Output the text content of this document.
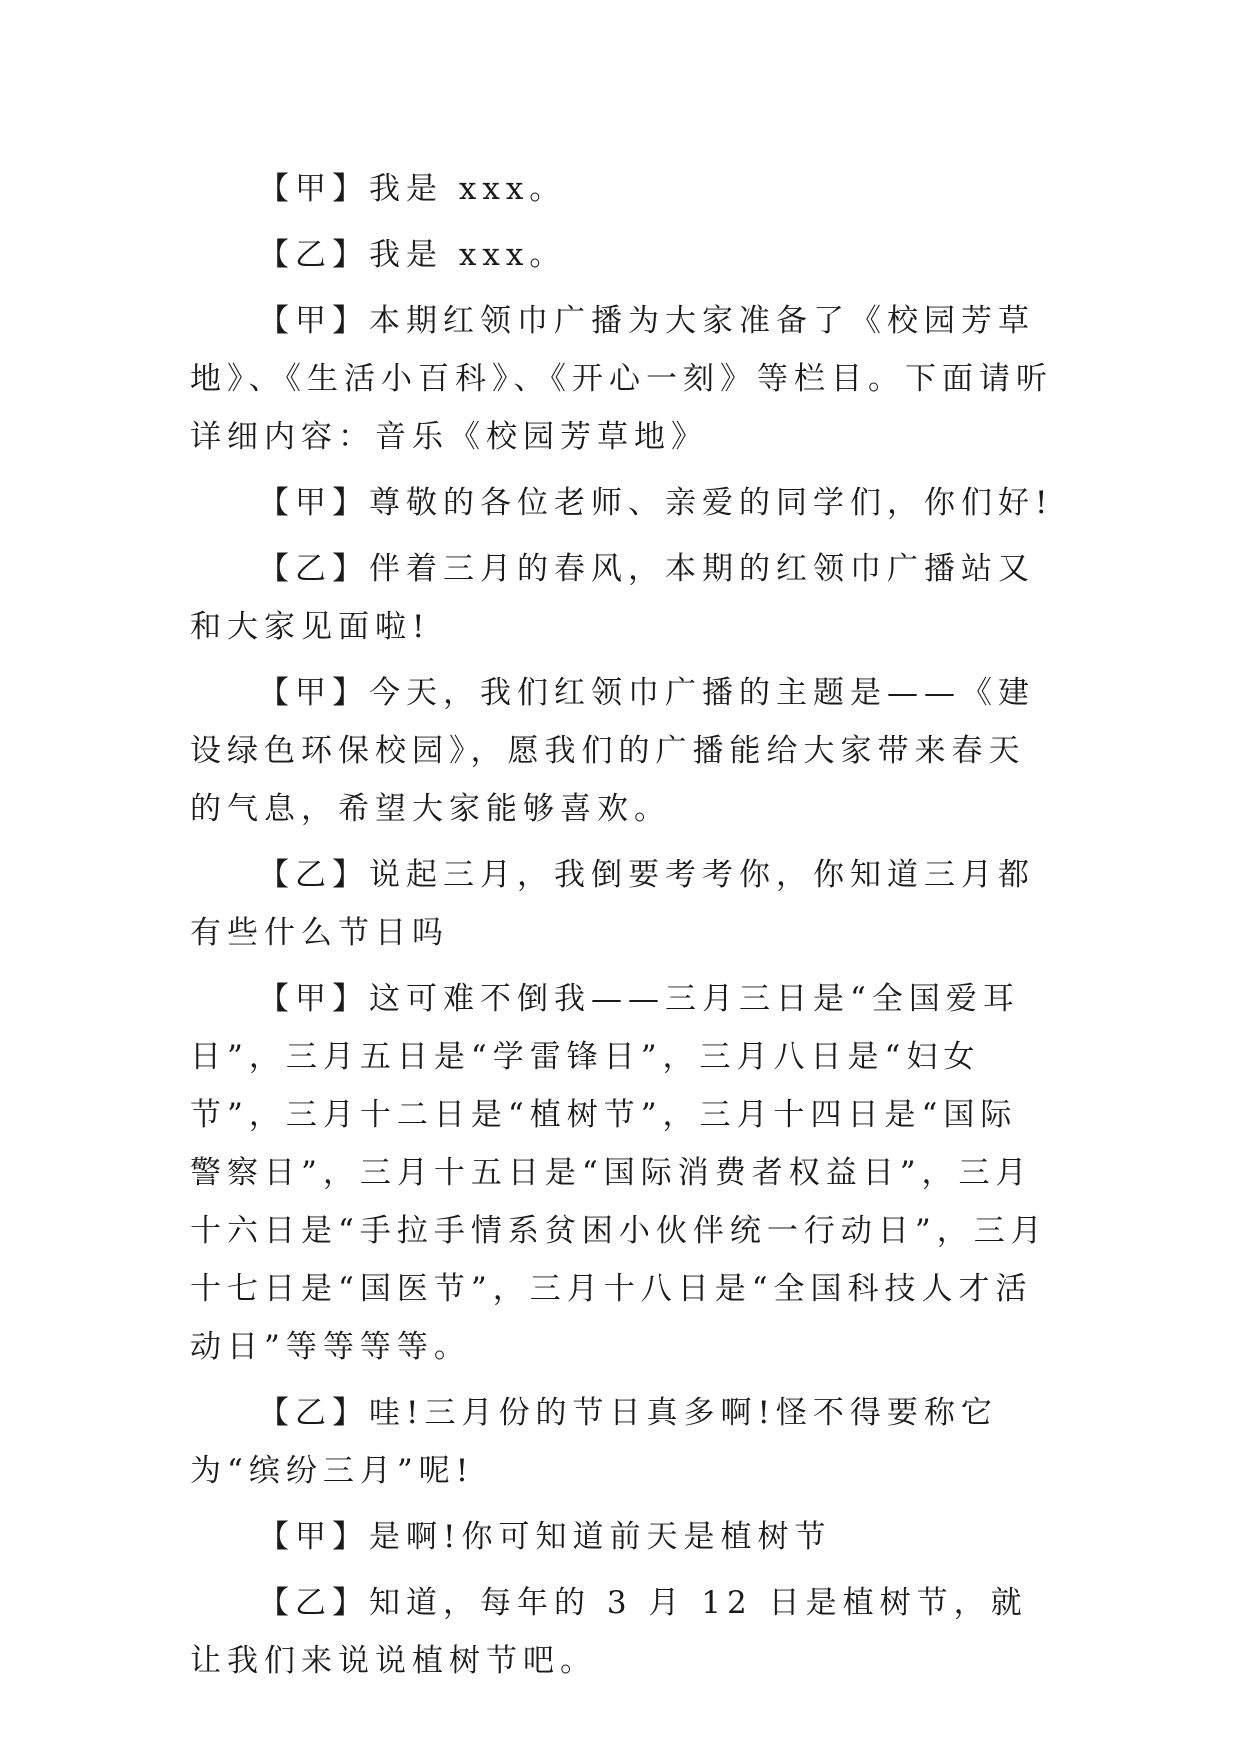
【甲】我是 xxx。

【乙】我是 xxx。

【甲】本期红领巾广播为大家准备了《校园芳草地》、《生活小百科》、《开心一刻》等栏目。下面请听详细内容：音乐《校园芳草地》

【甲】尊敬的各位老师、亲爱的同学们，你们好!

【乙】伴着三月的春风，本期的红领巾广播站又和大家见面啦!

【甲】今天，我们红领巾广播的主题是——《建设绿色环保校园》，愿我们的广播能给大家带来春天的气息，希望大家能够喜欢。

【乙】说起三月，我倒要考考你，你知道三月都有些什么节日吗

【甲】这可难不倒我——三月三日是“全国爱耳日”，三月五日是“学雷锋日”，三月八日是“妇女节”，三月十二日是“植树节”，三月十四日是“国际警察日”，三月十五日是“国际消费者权益日”，三月十六日是“手拉手情系贫困小伙伴统一行动日”，三月十七日是“国医节”，三月十八日是“全国科技人才活动日”等等等等。

【乙】哇!三月份的节日真多啊!怪不得要称它为“缤纷三月”呢!

【甲】是啊!你可知道前天是植树节

【乙】知道，每年的 3 月 12 日是植树节，就让我们来说说植树节吧。
